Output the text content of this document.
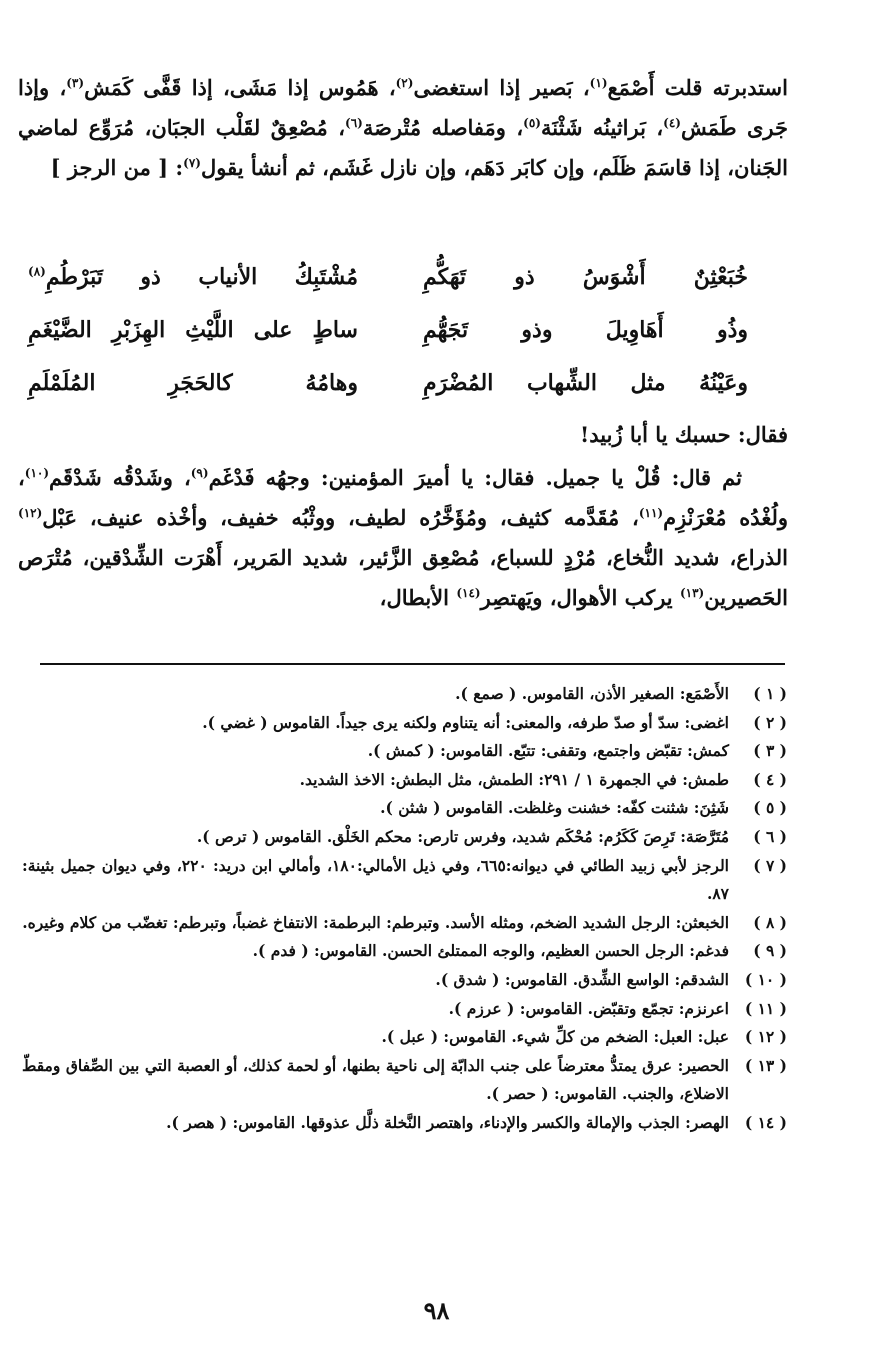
استدبرته قلت أَصْمَع$^{(١)}$، بَصير إذا استغضى$^{(٢)}$، هَمُوس إذا مَشَى، إذا قَفَّى كَمَش$^{(٣)}$، وإذا جَرى طَمَش$^{(٤)}$، بَراثينُه شَثْنَة$^{(٥)}$، ومَفاصله مُتْرصَة$^{(٦)}$، مُصْعِقٌ لقَلْب الجبَان، مُرَوِّع لماضي الجَنان، إذا قاسَمَ ظَلَم، وإن كابَر دَهَم، وإن نازل غَشَم، ثم أنشأ يقول$^{(٧)}$: [ من الرجز ]
خُبَعْثِنٌ أَشْوَسُ ذو تَهَكُّمِ
مُشْتَبِكُ الأنياب ذو تَبَرْطُمِ$^{(٨)}$
وذُو أَهَاوِيلَ وذو تَجَهُّمِ
ساطٍ على اللَّيْثِ الهِزَبْرِ الضَّيْغَمِ
وعَيْنُهُ مثل الشِّهاب المُضْرَمِ
وهامُهُ كالحَجَرِ المُلَمْلَمِ
فقال: حسبك يا أبا زُبيد!
ثم قال: قُلْ يا جميل. فقال: يا أميرَ المؤمنين: وجهُه فَدْغَم$^{(٩)}$، وشَدْقُه شَدْقَم$^{(١٠)}$، ولُغْدُه مُعْرَنْزِم$^{(١١)}$، مُقَدَّمه كثيف، ومُؤَخَّرُه لطيف، ووثْبُه خفيف، وأخْذه عنيف، عَبْل$^{(١٢)}$ الذراع، شديد النُّخاع، مُرْدٍ للسباع، مُصْعِق الزَّئير، شديد المَرير، أَهْرَت الشِّدْقين، مُتْرَص الحَصيرين$^{(١٣)}$ يركب الأهوال، ويَهتصِر$^{(١٤)}$ الأبطال،
( ١ )
الأَصْمَع: الصغير الأذن، القاموس. ( صمع ).
( ٢ )
اغضى: سدّ أو صدّ طرفه، والمعنى: أنه يتناوم ولكنه يرى جيداً. القاموس ( غضي ).
( ٣ )
كمش: تقبّض واجتمع، وتقفى: تتبّع. القاموس: ( كمش ).
( ٤ )
طمش: في الجمهرة ١ / ٢٩١: الطمش، مثل البطش: الاخذ الشديد.
( ٥ )
شَثِنَ: شثنت كفّه: خشنت وغلظت. القاموس ( شثن ).
( ٦ )
مُتَرَّصَة: تَرِصَ كَكَرُم: مُحْكَم شديد، وفرس تارص: محكم الخَلْق. القاموس ( ترص ).
( ٧ )
الرجز لأبي زبيد الطائي في ديوانه:٦٦٥، وفي ذيل الأمالي:١٨٠، وأمالي ابن دريد: ٢٢٠، وفي ديوان جميل بثينة: ٨٧.
( ٨ )
الخبعثن: الرجل الشديد الضخم، ومثله الأسد. وتبرطم: البرطمة: الانتفاخ غضباً، وتبرطم: تغضّب من كلام وغيره.
( ٩ )
فدغم: الرجل الحسن العظيم، والوجه الممتلئ الحسن. القاموس: ( فدم ).
( ١٠ )
الشدقم: الواسع الشِّدق. القاموس: ( شدق ).
( ١١ )
اعرنزم: تجمّع وتقبّض. القاموس: ( عرزم ).
( ١٢ )
عبل: العبل: الضخم من كلِّ شيء. القاموس: ( عبل ).
( ١٣ )
الحصير: عرق يمتدُّ معترضاً على جنب الدابّة إلى ناحية بطنها، أو لحمة كذلك، أو العصبة التي بين الصِّفاق ومقطّ الاضلاع، والجنب. القاموس: ( حصر ).
( ١٤ )
الهصر: الجذب والإمالة والكسر والإدناء، واهتصر النَّخلة ذلَّل عذوقها. القاموس: ( هصر ).
٩٨
